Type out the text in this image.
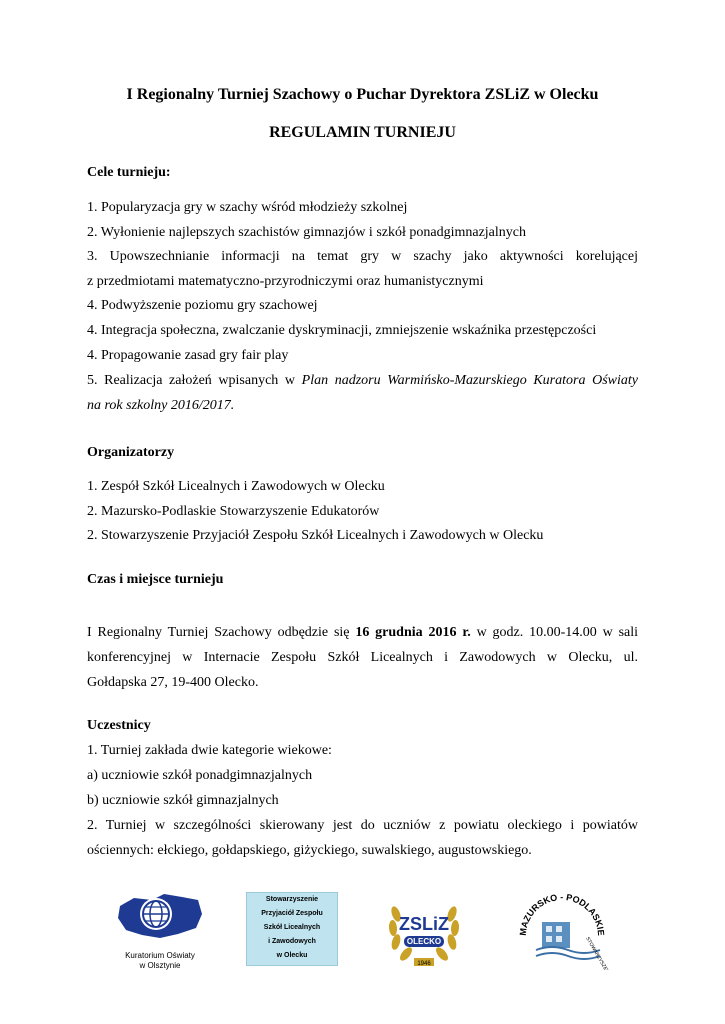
I Regionalny Turniej Szachowy o Puchar Dyrektora ZSLiZ w Olecku
REGULAMIN TURNIEJU
Cele turnieju:
1. Popularyzacja gry w szachy wśród młodzieży szkolnej
2. Wyłonienie najlepszych szachistów gimnazjów i szkół ponadgimnazjalnych
3. Upowszechnianie informacji na temat gry w szachy jako aktywności korelującej
z przedmiotami matematyczno-przyrodniczymi oraz humanistycznymi
4. Podwyższenie poziomu gry szachowej
4. Integracja społeczna, zwalczanie dyskryminacji, zmniejszenie wskaźnika przestępczości
4. Propagowanie zasad gry fair play
5. Realizacja założeń wpisanych w Plan nadzoru Warmińsko-Mazurskiego Kuratora Oświaty
na rok szkolny 2016/2017.
Organizatorzy
1. Zespół Szkół Licealnych i Zawodowych w Olecku
2. Mazursko-Podlaskie Stowarzyszenie Edukatorów
2. Stowarzyszenie Przyjaciół Zespołu Szkół Licealnych i Zawodowych w Olecku
Czas i miejsce turnieju
I Regionalny Turniej Szachowy odbędzie się 16 grudnia 2016 r. w godz. 10.00-14.00 w sali
konferencyjnej w Internacie Zespołu Szkół Licealnych i Zawodowych w Olecku, ul.
Gołdapska 27, 19-400 Olecko.
Uczestnicy
1. Turniej zakłada dwie kategorie wiekowe:
a) uczniowie szkół ponadgimnazjalnych
b) uczniowie szkół gimnazjalnych
2. Turniej w szczególności skierowany jest do uczniów z powiatu oleckiego i powiatów
ościennych: ełckiego, gołdapskiego, giżyckiego, suwalskiego, augustowskiego.
Kuratorium Oświaty
w Olsztynie
Stowarzyszenie
Przyjaciół Zespołu
Szkół Licealnych
i Zawodowych
w Olecku
1946
ZSLiZ
OLECKO
MAZURSKO - PODLASKIE
